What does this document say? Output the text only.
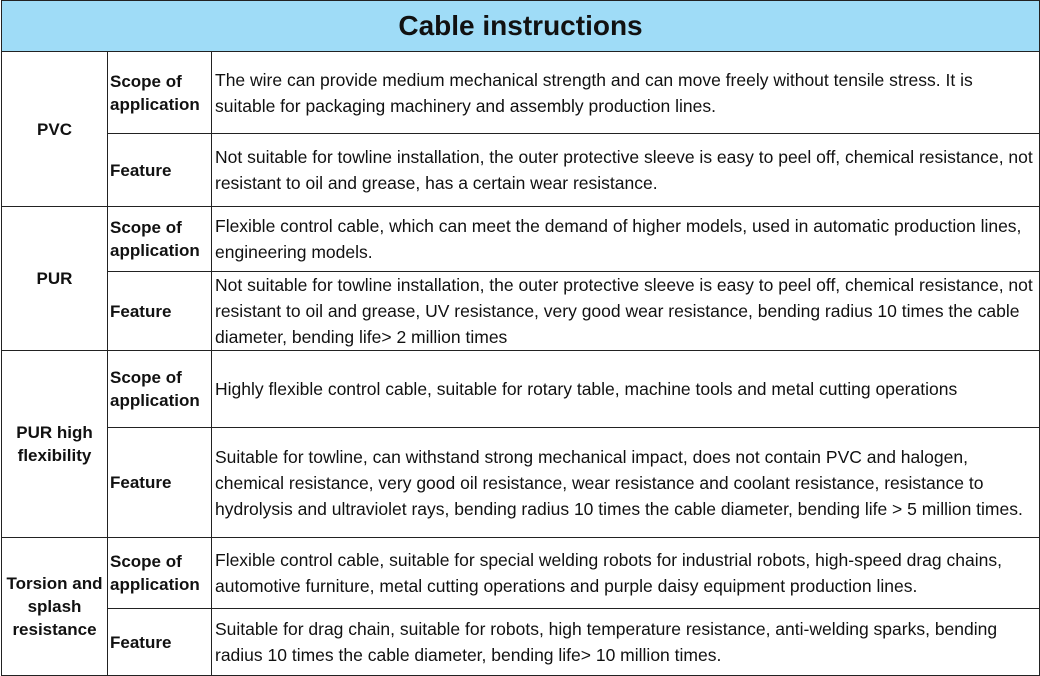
Cable instructions		
PVC	Scope of application	The wire can provide medium mechanical strength and can move freely without tensile stress. It is suitable for packaging machinery and assembly production lines.
	Feature	Not suitable for towline installation, the outer protective sleeve is easy to peel off, chemical resistance, not resistant to oil and grease, has a certain wear resistance.
PUR	Scope of application	Flexible control cable, which can meet the demand of higher models, used in automatic production lines, engineering models.
	Feature	Not suitable for towline installation, the outer protective sleeve is easy to peel off, chemical resistance, not resistant to oil and grease, UV resistance, very good wear resistance, bending radius 10 times the cable diameter, bending life> 2 million times
PUR high flexibility	Scope of application	Highly flexible control cable, suitable for rotary table, machine tools and metal cutting operations
	Feature	Suitable for towline, can withstand strong mechanical impact, does not contain PVC and halogen, chemical resistance, very good oil resistance, wear resistance and coolant resistance, resistance to hydrolysis and ultraviolet rays, bending radius 10 times the cable diameter, bending life > 5 million times.
Torsion and splash resistance	Scope of application	Flexible control cable, suitable for special welding robots for industrial robots, high-speed drag chains, automotive furniture, metal cutting operations and purple daisy equipment production lines.
	Feature	Suitable for drag chain, suitable for robots, high temperature resistance, anti-welding sparks, bending radius 10 times the cable diameter, bending life> 10 million times.
